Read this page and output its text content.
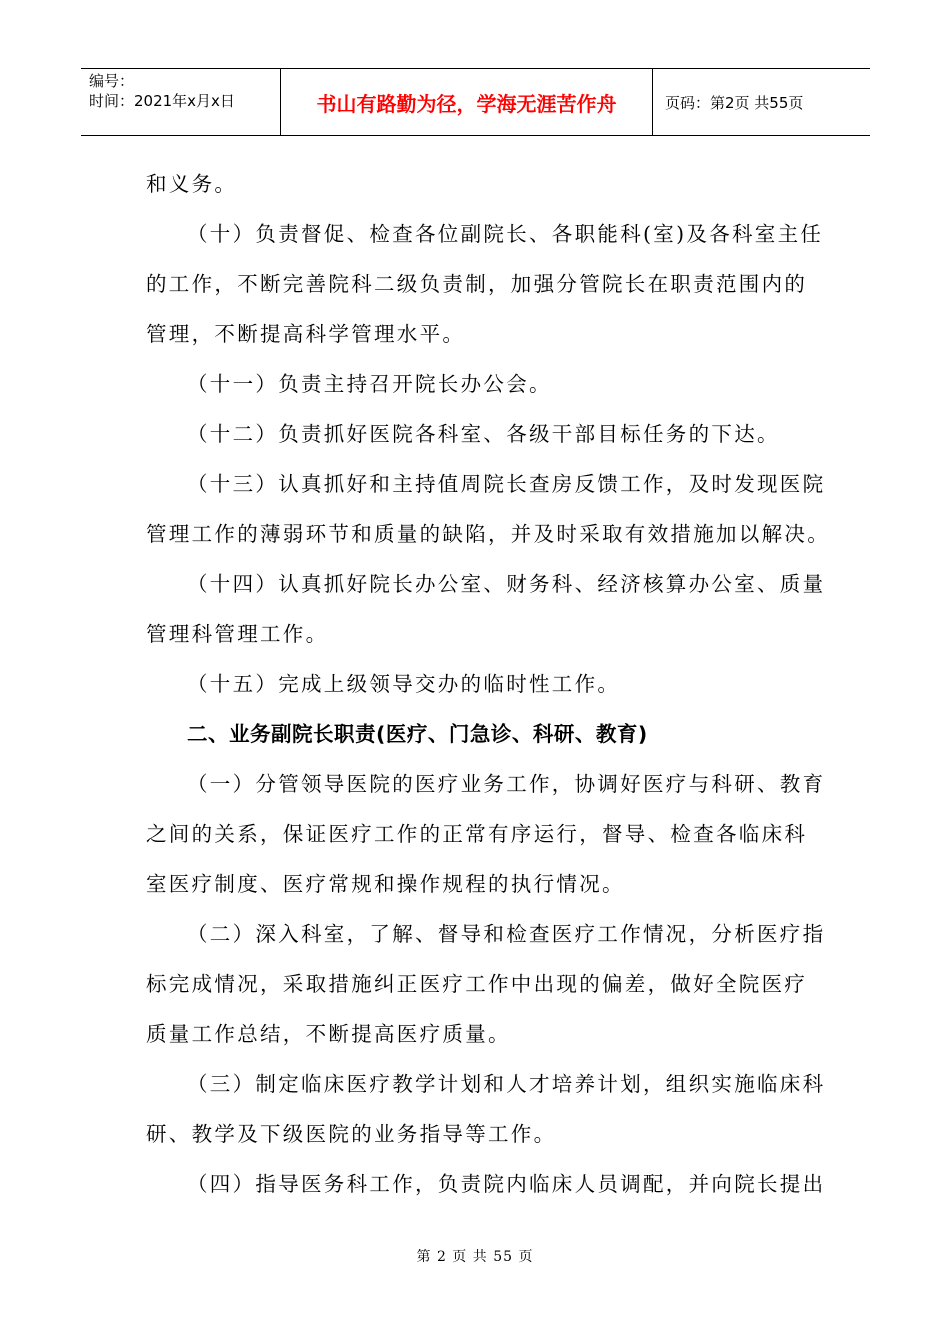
编号：
时间：2021年x月x日	书山有路勤为径，学海无涯苦作舟	页码：第2页 共55页

和义务。

（十）负责督促、检查各位副院长、各职能科(室)及各科室主任

的工作，不断完善院科二级负责制，加强分管院长在职责范围内的

管理，不断提高科学管理水平。

（十一）负责主持召开院长办公会。

（十二）负责抓好医院各科室、各级干部目标任务的下达。

（十三）认真抓好和主持值周院长查房反馈工作，及时发现医院

管理工作的薄弱环节和质量的缺陷，并及时采取有效措施加以解决。

（十四）认真抓好院长办公室、财务科、经济核算办公室、质量

管理科管理工作。

（十五）完成上级领导交办的临时性工作。

二、业务副院长职责(医疗、门急诊、科研、教育)

（一）分管领导医院的医疗业务工作，协调好医疗与科研、教育

之间的关系，保证医疗工作的正常有序运行，督导、检查各临床科

室医疗制度、医疗常规和操作规程的执行情况。

（二）深入科室，了解、督导和检查医疗工作情况，分析医疗指

标完成情况，采取措施纠正医疗工作中出现的偏差，做好全院医疗

质量工作总结，不断提高医疗质量。

（三）制定临床医疗教学计划和人才培养计划，组织实施临床科

研、教学及下级医院的业务指导等工作。

（四）指导医务科工作，负责院内临床人员调配，并向院长提出

第 2 页 共 55 页
